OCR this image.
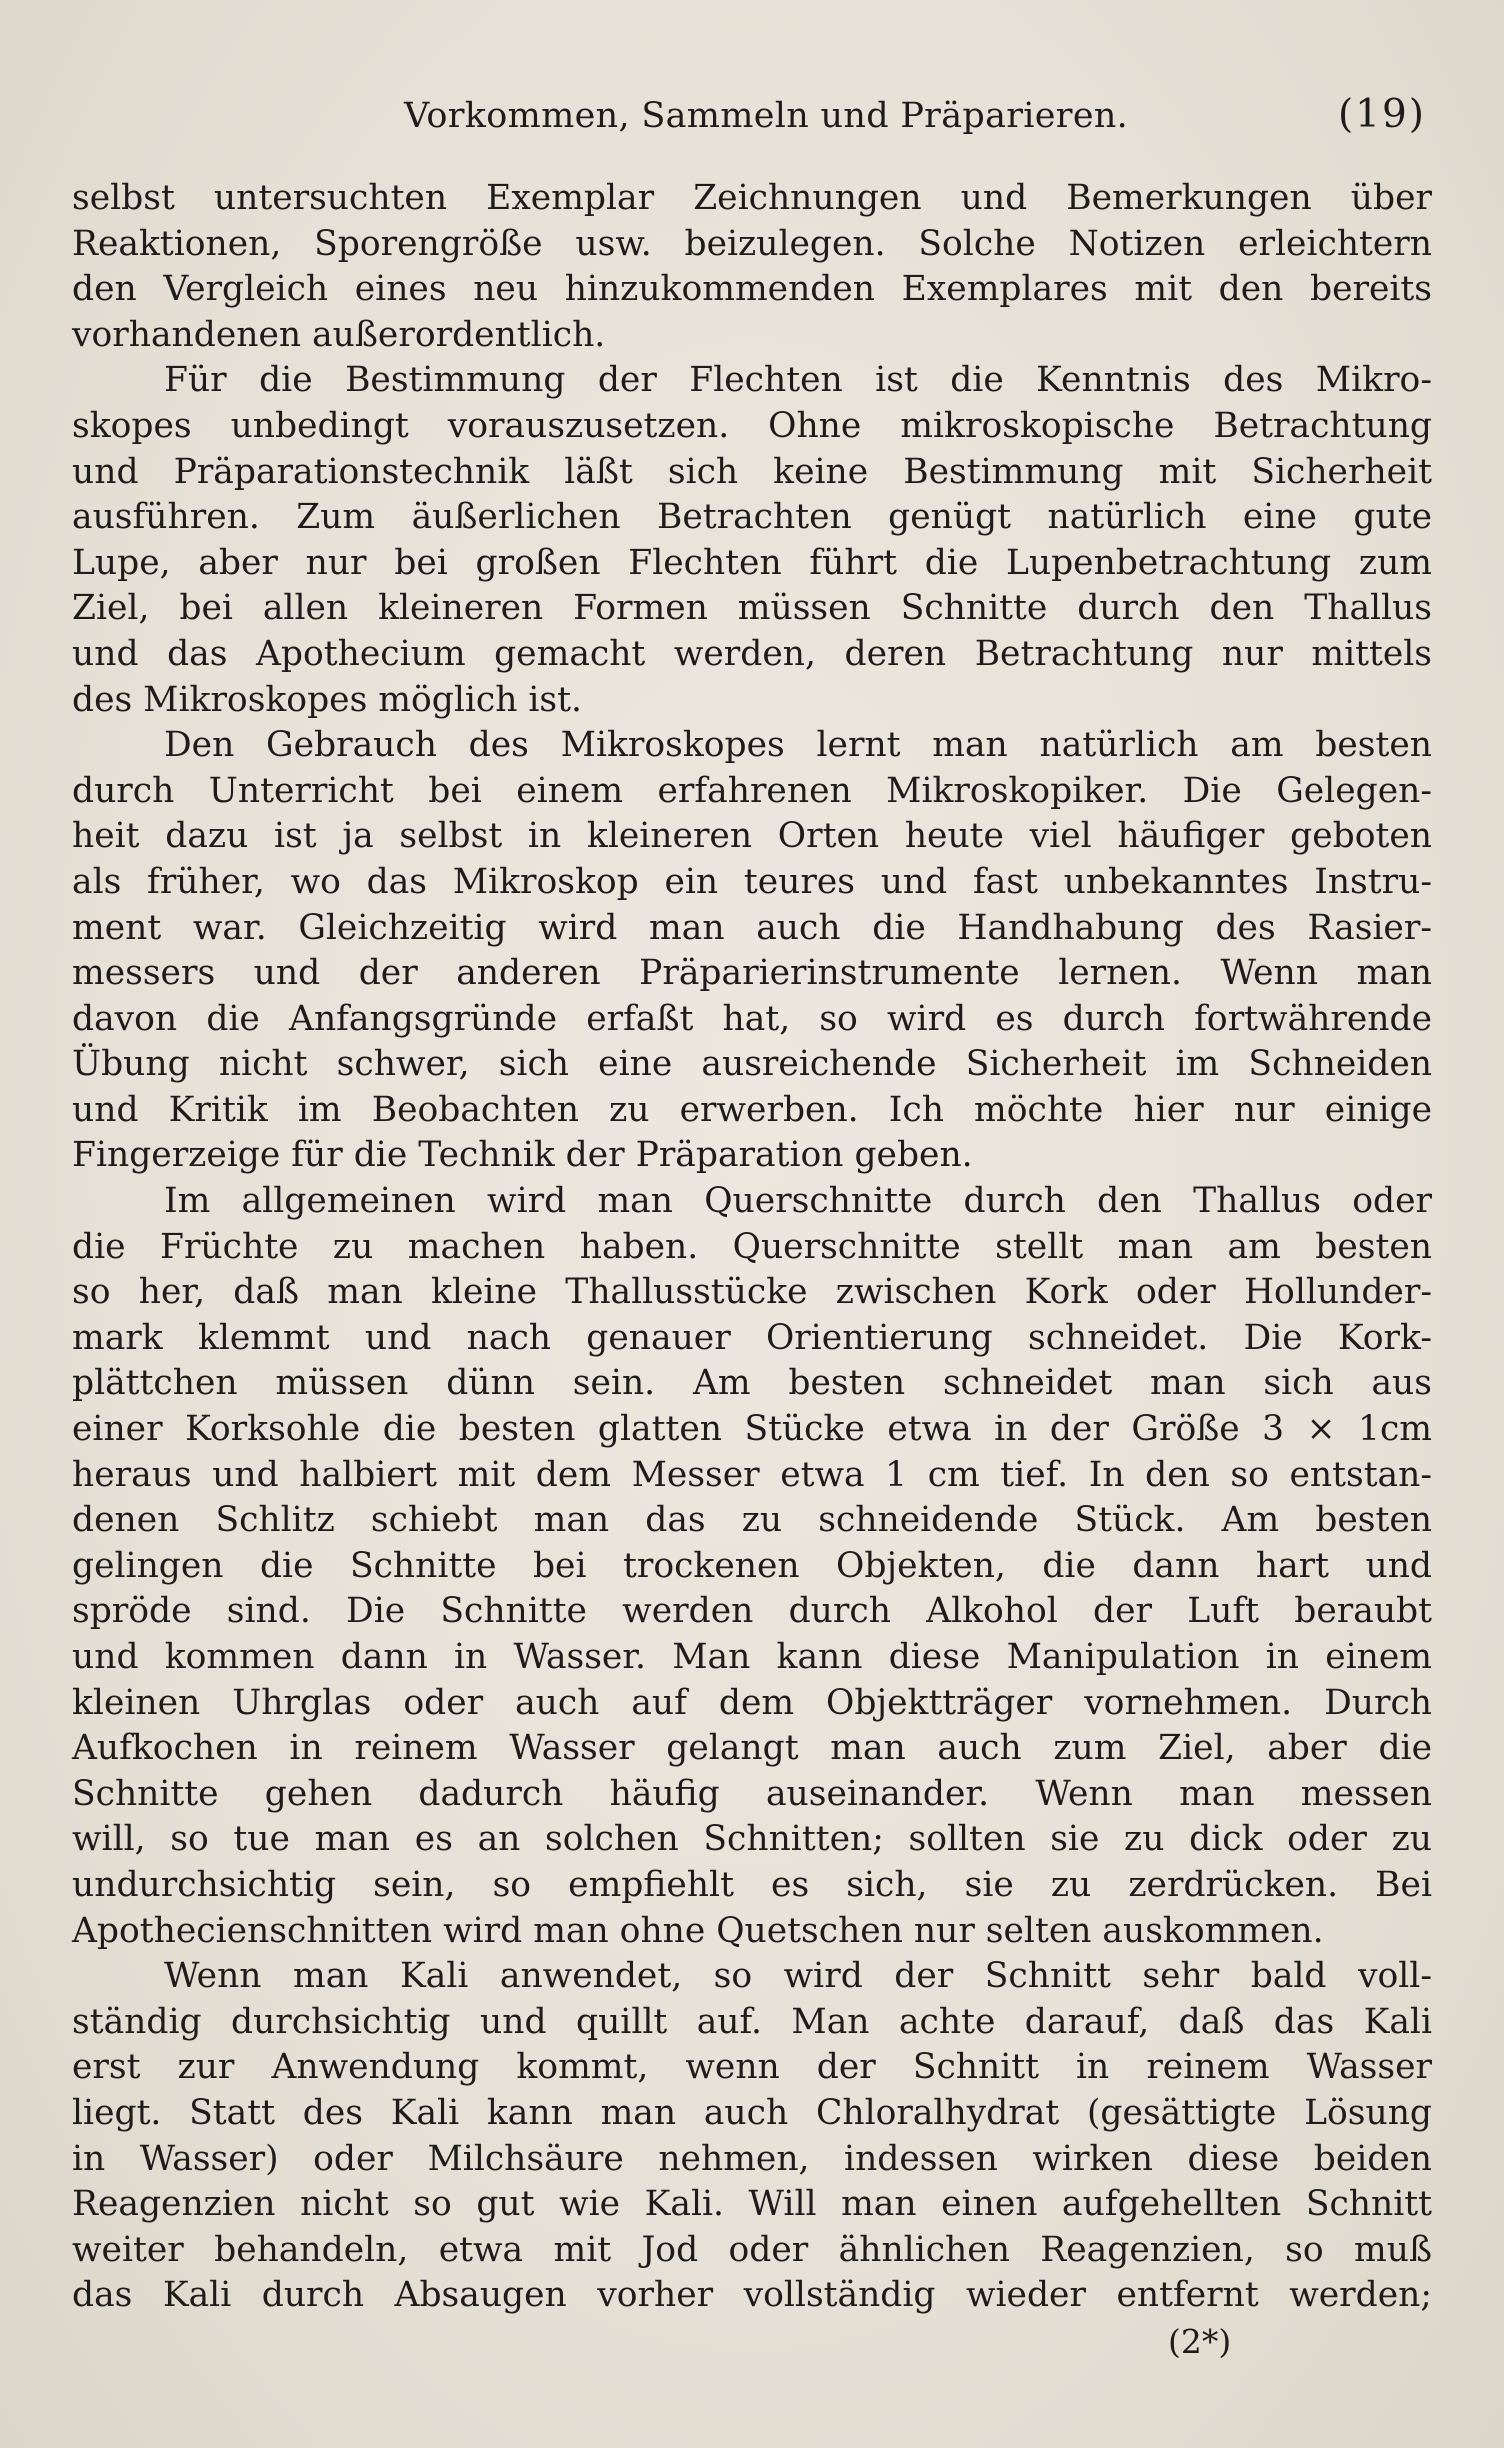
Vorkommen, Sammeln und Präparieren.	(19)
selbst untersuchten Exemplar Zeichnungen und Bemerkungen über
Reaktionen, Sporengröße usw. beizulegen. Solche Notizen erleichtern
den Vergleich eines neu hinzukommenden Exemplares mit den bereits
vorhandenen außerordentlich.
Für die Bestimmung der Flechten ist die Kenntnis des Mikro-
skopes unbedingt vorauszusetzen. Ohne mikroskopische Betrachtung
und Präparationstechnik läßt sich keine Bestimmung mit Sicherheit
ausführen. Zum äußerlichen Betrachten genügt natürlich eine gute
Lupe, aber nur bei großen Flechten führt die Lupenbetrachtung zum
Ziel, bei allen kleineren Formen müssen Schnitte durch den Thallus
und das Apothecium gemacht werden, deren Betrachtung nur mittels
des Mikroskopes möglich ist.
Den Gebrauch des Mikroskopes lernt man natürlich am besten
durch Unterricht bei einem erfahrenen Mikroskopiker. Die Gelegen-
heit dazu ist ja selbst in kleineren Orten heute viel häufiger geboten
als früher, wo das Mikroskop ein teures und fast unbekanntes Instru-
ment war. Gleichzeitig wird man auch die Handhabung des Rasier-
messers und der anderen Präparierinstrumente lernen. Wenn man
davon die Anfangsgründe erfaßt hat, so wird es durch fortwährende
Übung nicht schwer, sich eine ausreichende Sicherheit im Schneiden
und Kritik im Beobachten zu erwerben. Ich möchte hier nur einige
Fingerzeige für die Technik der Präparation geben.
Im allgemeinen wird man Querschnitte durch den Thallus oder
die Früchte zu machen haben. Querschnitte stellt man am besten
so her, daß man kleine Thallusstücke zwischen Kork oder Hollunder-
mark klemmt und nach genauer Orientierung schneidet. Die Kork-
plättchen müssen dünn sein. Am besten schneidet man sich aus
einer Korksohle die besten glatten Stücke etwa in der Größe 3 × 1cm
heraus und halbiert mit dem Messer etwa 1 cm tief. In den so entstan-
denen Schlitz schiebt man das zu schneidende Stück. Am besten
gelingen die Schnitte bei trockenen Objekten, die dann hart und
spröde sind. Die Schnitte werden durch Alkohol der Luft beraubt
und kommen dann in Wasser. Man kann diese Manipulation in einem
kleinen Uhrglas oder auch auf dem Objektträger vornehmen. Durch
Aufkochen in reinem Wasser gelangt man auch zum Ziel, aber die
Schnitte gehen dadurch häufig auseinander. Wenn man messen
will, so tue man es an solchen Schnitten; sollten sie zu dick oder zu
undurchsichtig sein, so empfiehlt es sich, sie zu zerdrücken. Bei
Apothecienschnitten wird man ohne Quetschen nur selten auskommen.
Wenn man Kali anwendet, so wird der Schnitt sehr bald voll-
ständig durchsichtig und quillt auf. Man achte darauf, daß das Kali
erst zur Anwendung kommt, wenn der Schnitt in reinem Wasser
liegt. Statt des Kali kann man auch Chloralhydrat (gesättigte Lösung
in Wasser) oder Milchsäure nehmen, indessen wirken diese beiden
Reagenzien nicht so gut wie Kali. Will man einen aufgehellten Schnitt
weiter behandeln, etwa mit Jod oder ähnlichen Reagenzien, so muß
das Kali durch Absaugen vorher vollständig wieder entfernt werden;
(2*)
